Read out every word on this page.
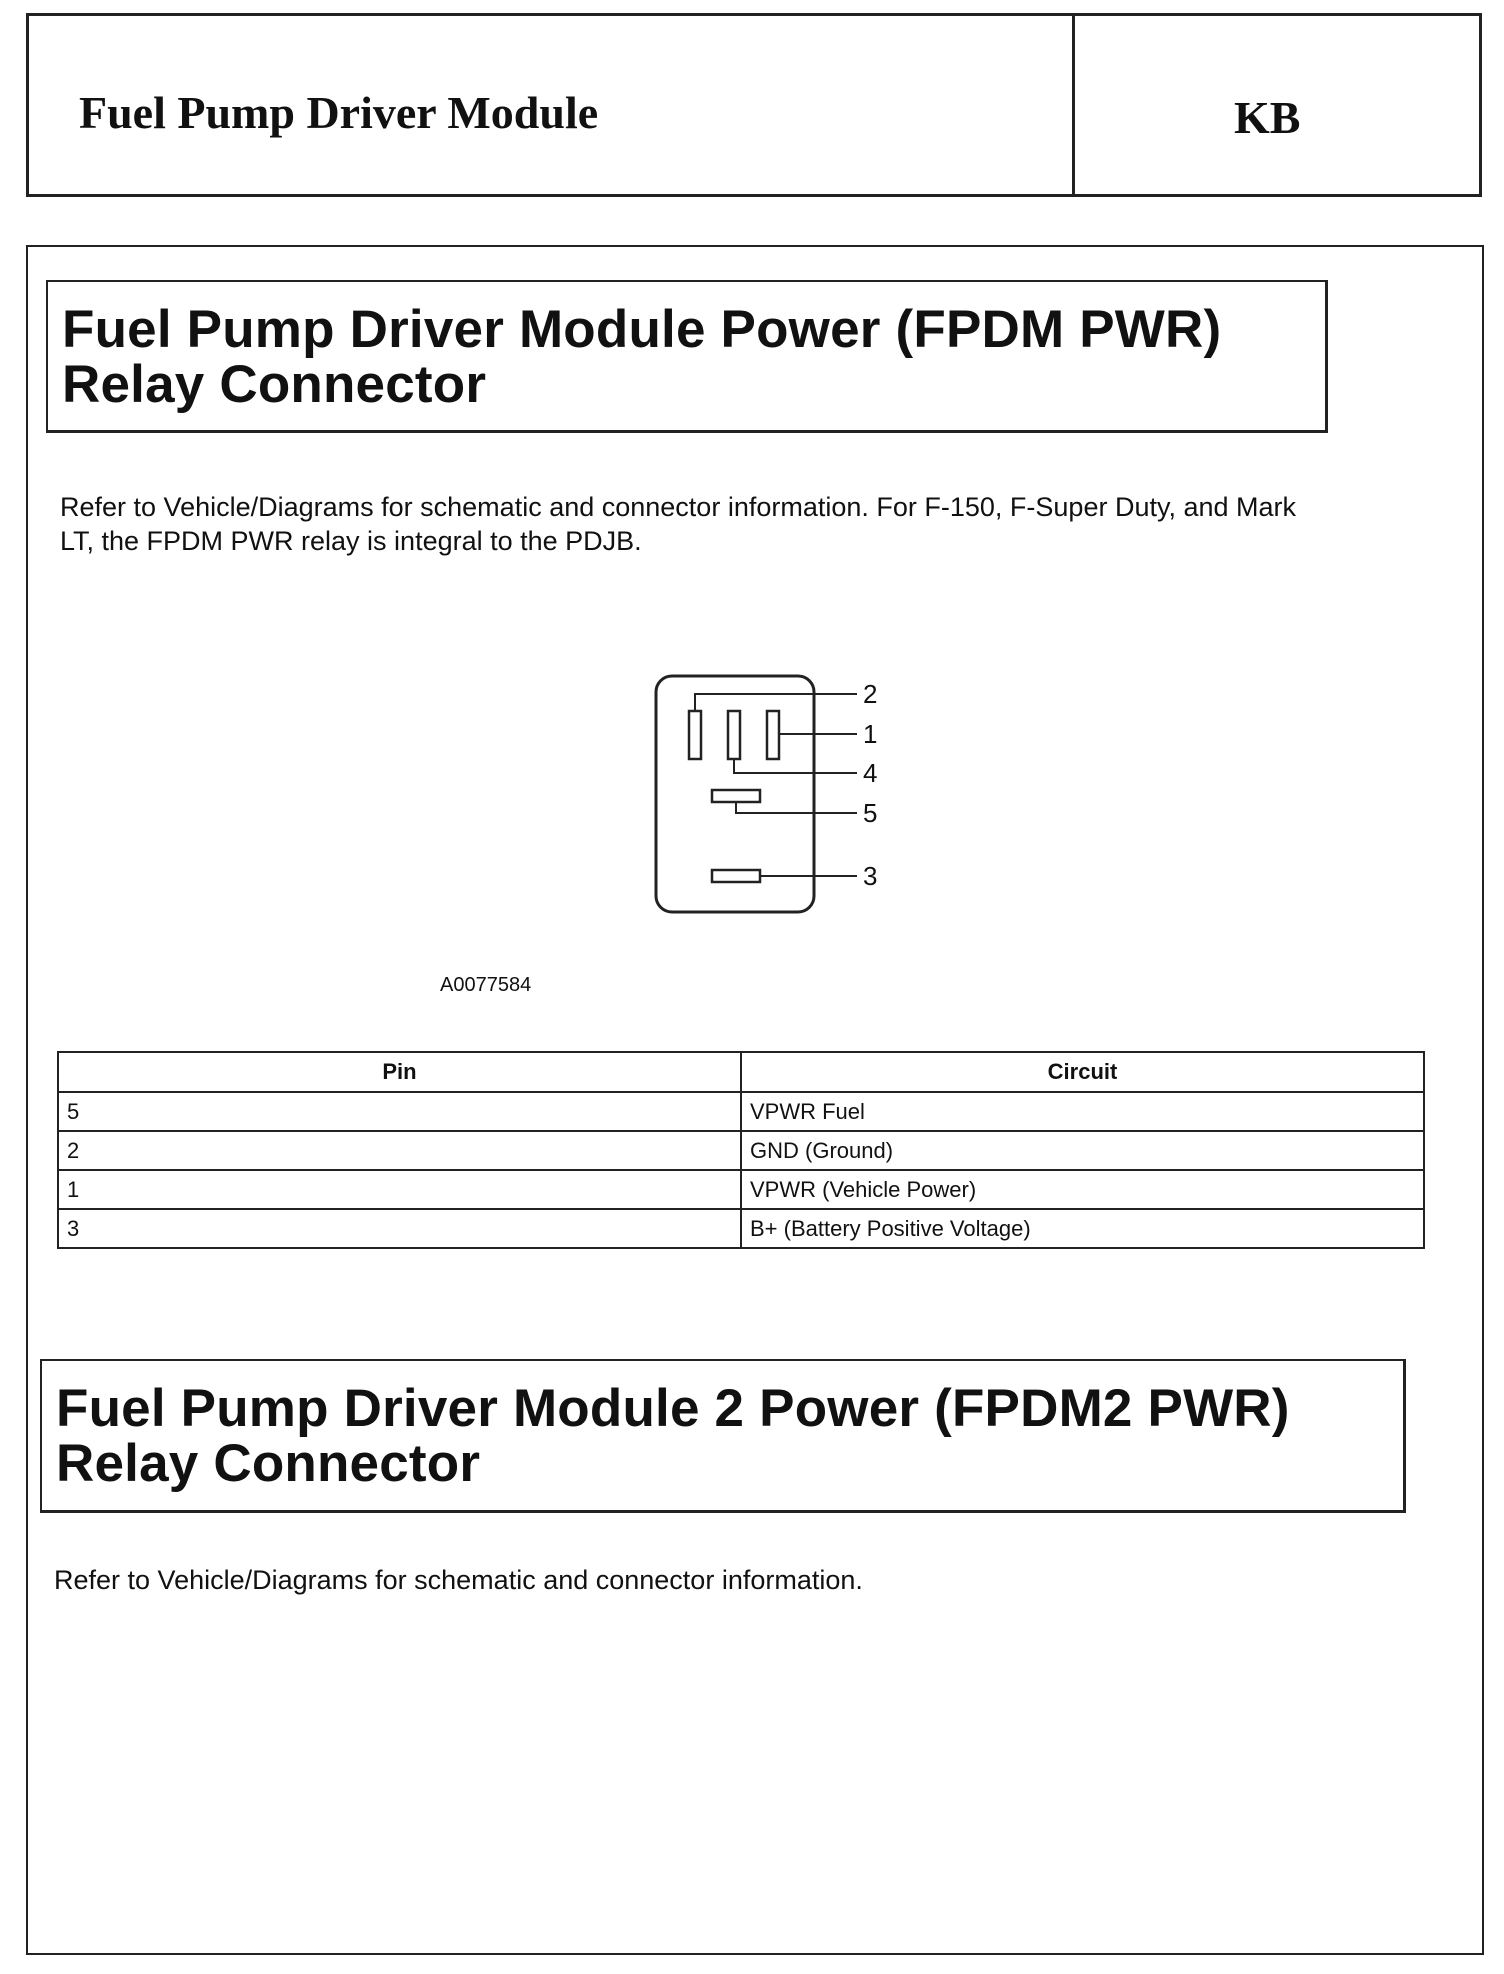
Fuel Pump Driver Module	KB
Fuel Pump Driver Module Power (FPDM PWR)
Relay Connector
Refer to Vehicle/Diagrams for schematic and connector information. For F-150, F-Super Duty, and Mark LT, the FPDM PWR relay is integral to the PDJB.
2
1
4
5
3
A0077584
Pin	Circuit
5	VPWR Fuel
2	GND (Ground)
1	VPWR (Vehicle Power)
3	B+ (Battery Positive Voltage)
Fuel Pump Driver Module 2 Power (FPDM2 PWR)
Relay Connector
Refer to Vehicle/Diagrams for schematic and connector information.
